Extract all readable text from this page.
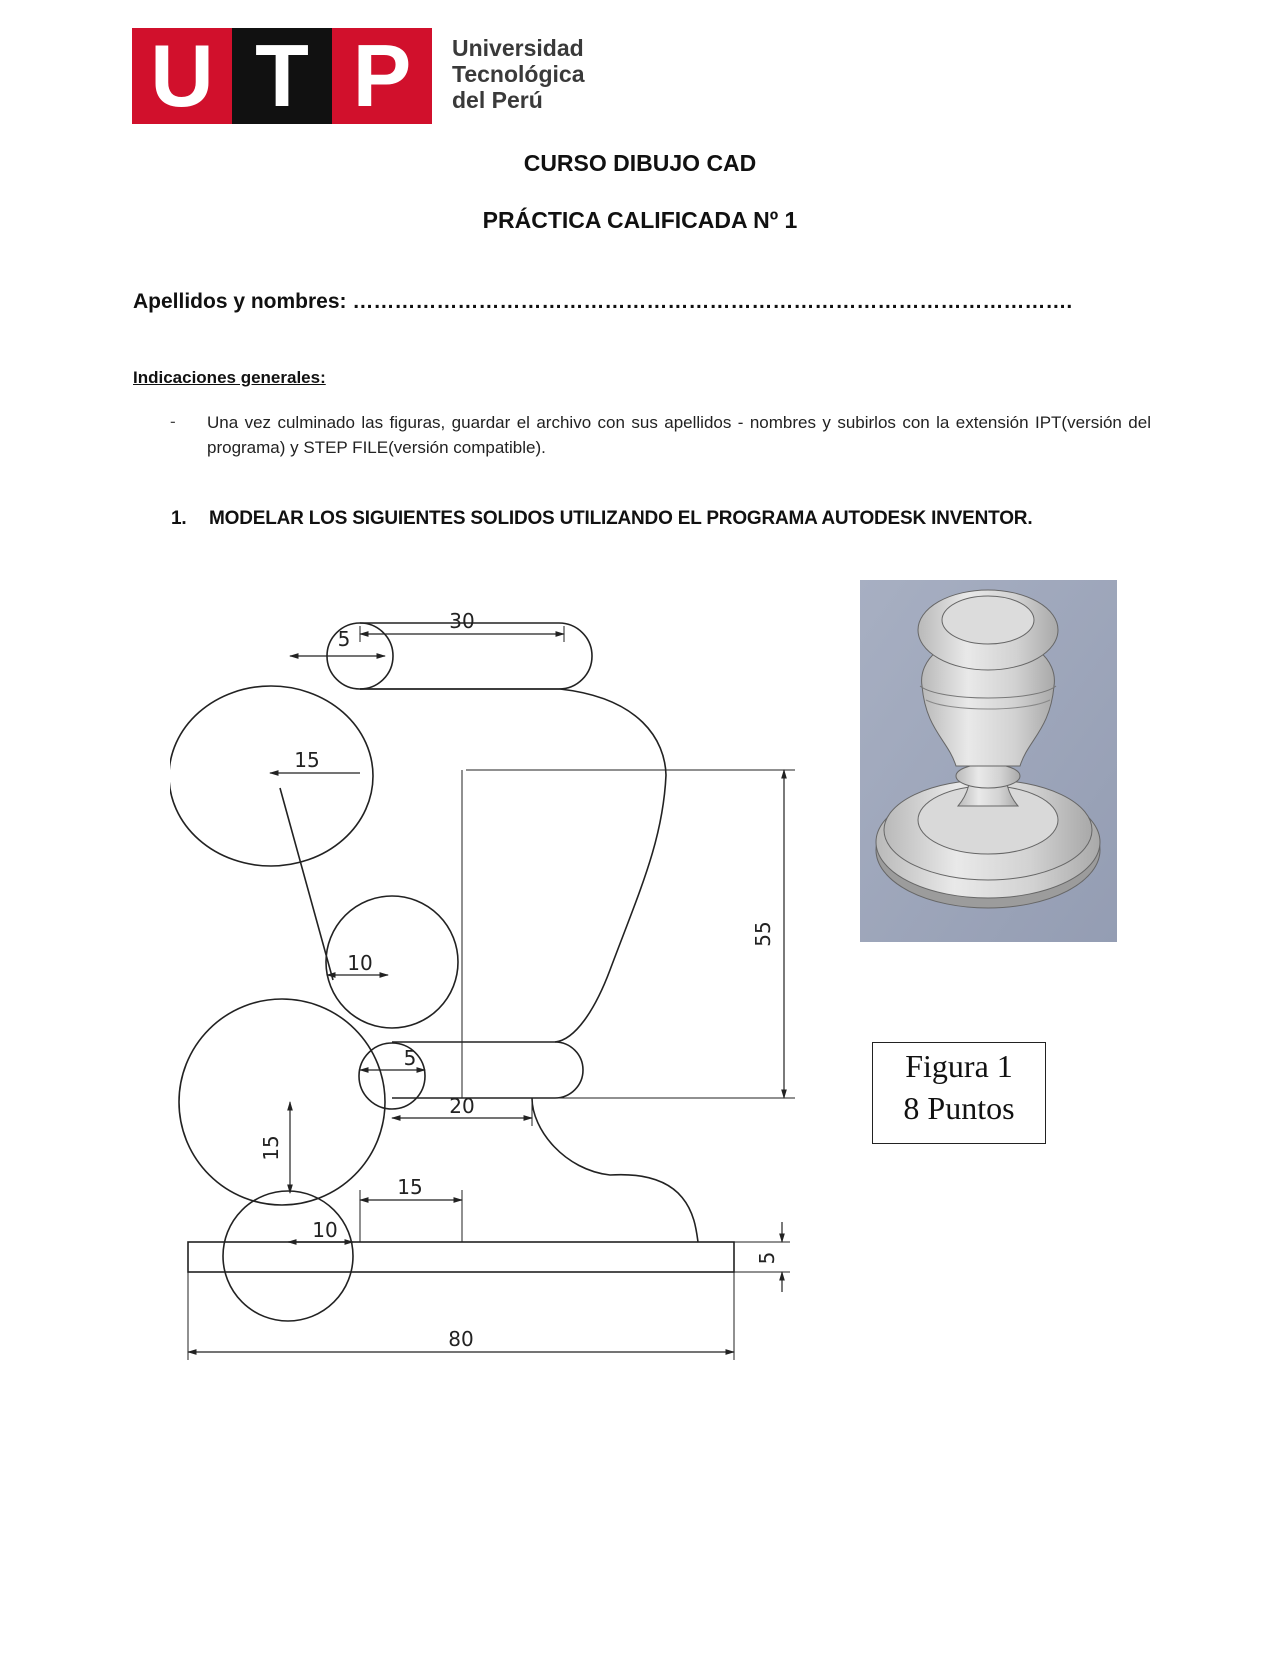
U T P	Universidad
Tecnológica
del Perú
CURSO DIBUJO CAD
PRÁCTICA CALIFICADA Nº 1
Apellidos y nombres: ………………………………………………………………………………………….
Indicaciones generales:
- Una vez culminado las figuras, guardar el archivo con sus apellidos - nombres y subirlos con la extensión IPT(versión del programa) y STEP FILE(versión compatible).
1. MODELAR LOS SIGUIENTES SOLIDOS UTILIZANDO EL PROGRAMA AUTODESK INVENTOR.
30
5
15
10
5
55
20
15
15
10
5
80
Figura 1
8 Puntos
